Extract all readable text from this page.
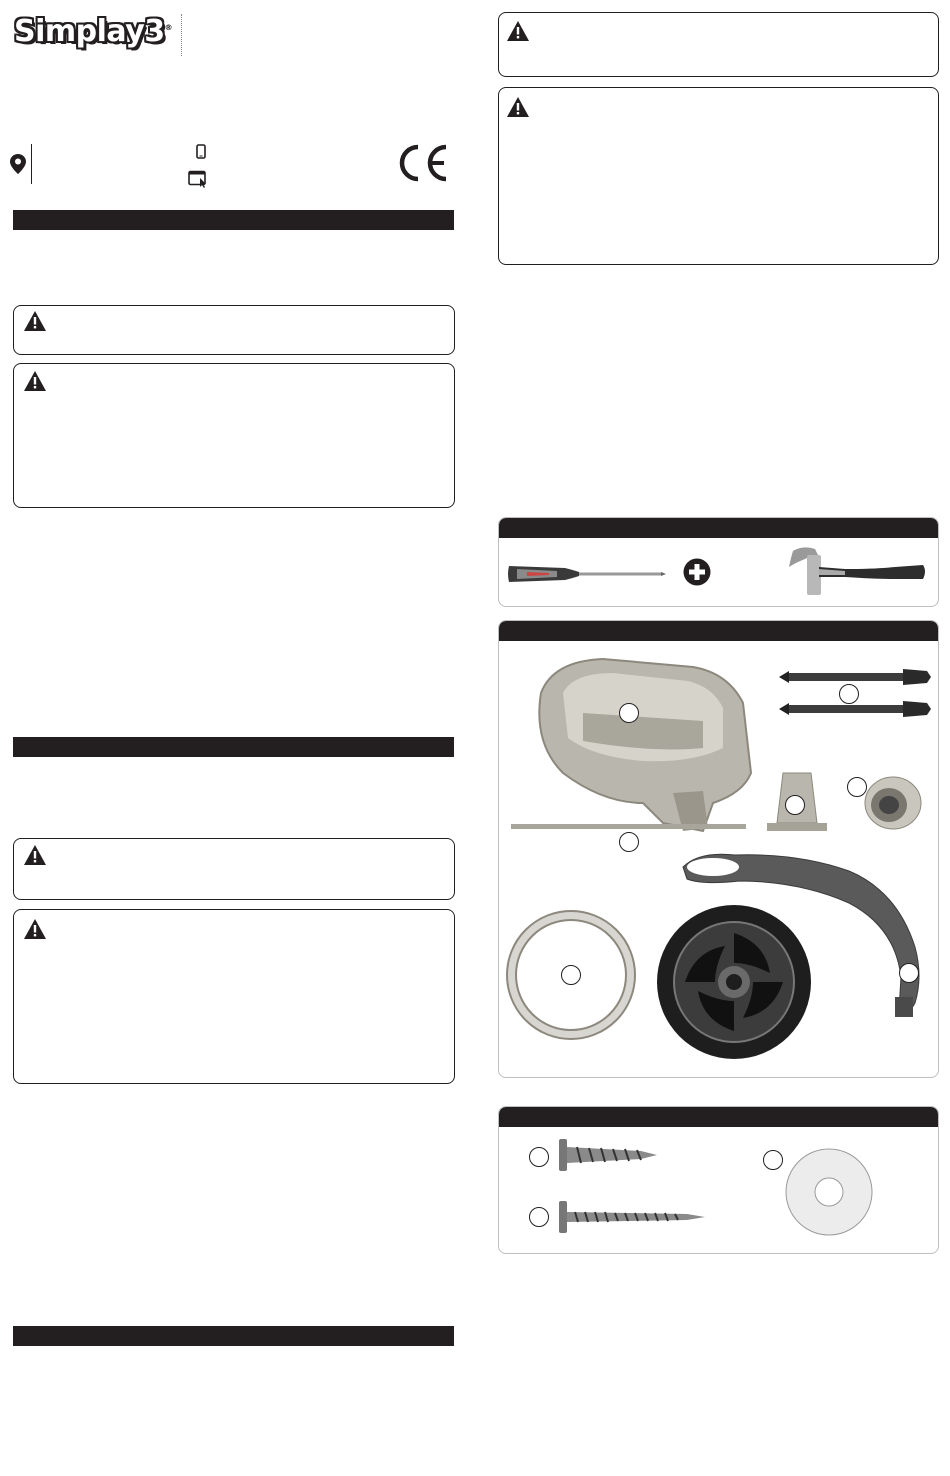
Simplay3®
